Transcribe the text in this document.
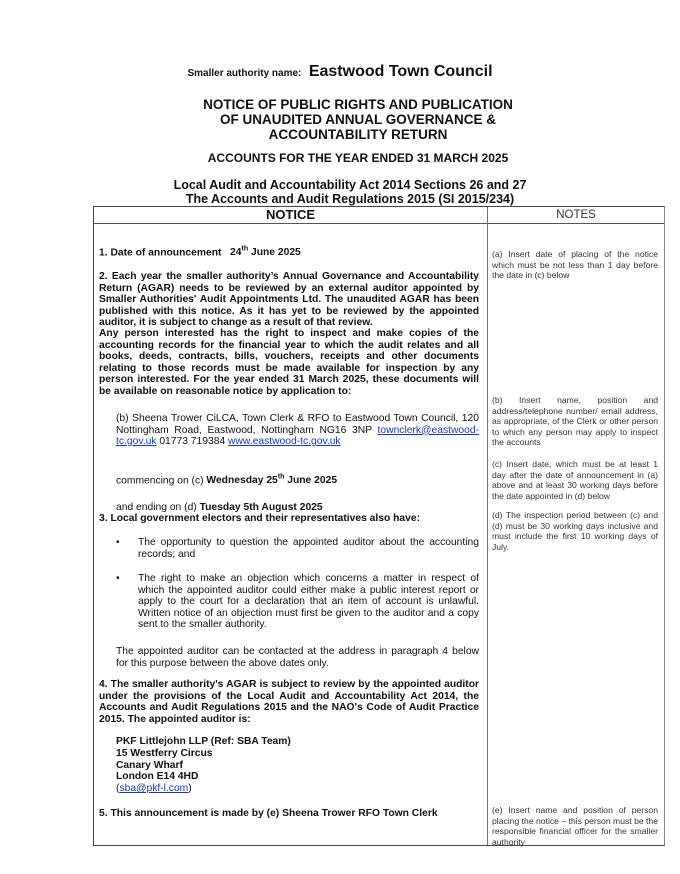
Smaller authority name: Eastwood Town Council
NOTICE OF PUBLIC RIGHTS AND PUBLICATION
OF UNAUDITED ANNUAL GOVERNANCE &
ACCOUNTABILITY RETURN
ACCOUNTS FOR THE YEAR ENDED 31 MARCH 2025
Local Audit and Accountability Act 2014 Sections 26 and 27
The Accounts and Audit Regulations 2015 (SI 2015/234)
NOTICE	NOTES
1. Date of announcement 24th June 2025
2. Each year the smaller authority’s Annual Governance and Accountability Return (AGAR) needs to be reviewed by an external auditor appointed by Smaller Authorities' Audit Appointments Ltd. The unaudited AGAR has been published with this notice. As it has yet to be reviewed by the appointed auditor, it is subject to change as a result of that review.
Any person interested has the right to inspect and make copies of the accounting records for the financial year to which the audit relates and all books, deeds, contracts, bills, vouchers, receipts and other documents relating to those records must be made available for inspection by any person interested. For the year ended 31 March 2025, these documents will be available on reasonable notice by application to:
(b) Sheena Trower CiLCA, Town Clerk & RFO to Eastwood Town Council, 120 Nottingham Road, Eastwood, Nottingham NG16 3NP townclerk@eastwood-tc.gov.uk 01773 719384 www.eastwood-tc.gov.uk
commencing on (c) Wednesday 25th June 2025
and ending on (d) Tuesday 5th August 2025
3. Local government electors and their representatives also have:
• The opportunity to question the appointed auditor about the accounting records; and
• The right to make an objection which concerns a matter in respect of which the appointed auditor could either make a public interest report or apply to the court for a declaration that an item of account is unlawful. Written notice of an objection must first be given to the auditor and a copy sent to the smaller authority.
The appointed auditor can be contacted at the address in paragraph 4 below for this purpose between the above dates only.
4. The smaller authority's AGAR is subject to review by the appointed auditor under the provisions of the Local Audit and Accountability Act 2014, the Accounts and Audit Regulations 2015 and the NAO's Code of Audit Practice 2015. The appointed auditor is:
PKF Littlejohn LLP (Ref: SBA Team)
15 Westferry Circus
Canary Wharf
London E14 4HD
(sba@pkf-l.com)
5. This announcement is made by (e) Sheena Trower RFO Town Clerk
(a) Insert date of placing of the notice which must be not less than 1 day before the date in (c) below
(b) Insert name, position and address/telephone number/ email address, as appropriate, of the Clerk or other person to which any person may apply to inspect the accounts
(c) Insert date, which must be at least 1 day after the date of announcement in (a) above and at least 30 working days before the date appointed in (d) below
(d) The inspection period between (c) and (d) must be 30 working days inclusive and must include the first 10 working days of July.
(e) Insert name and position of person placing the notice – this person must be the responsible financial officer for the smaller authority
